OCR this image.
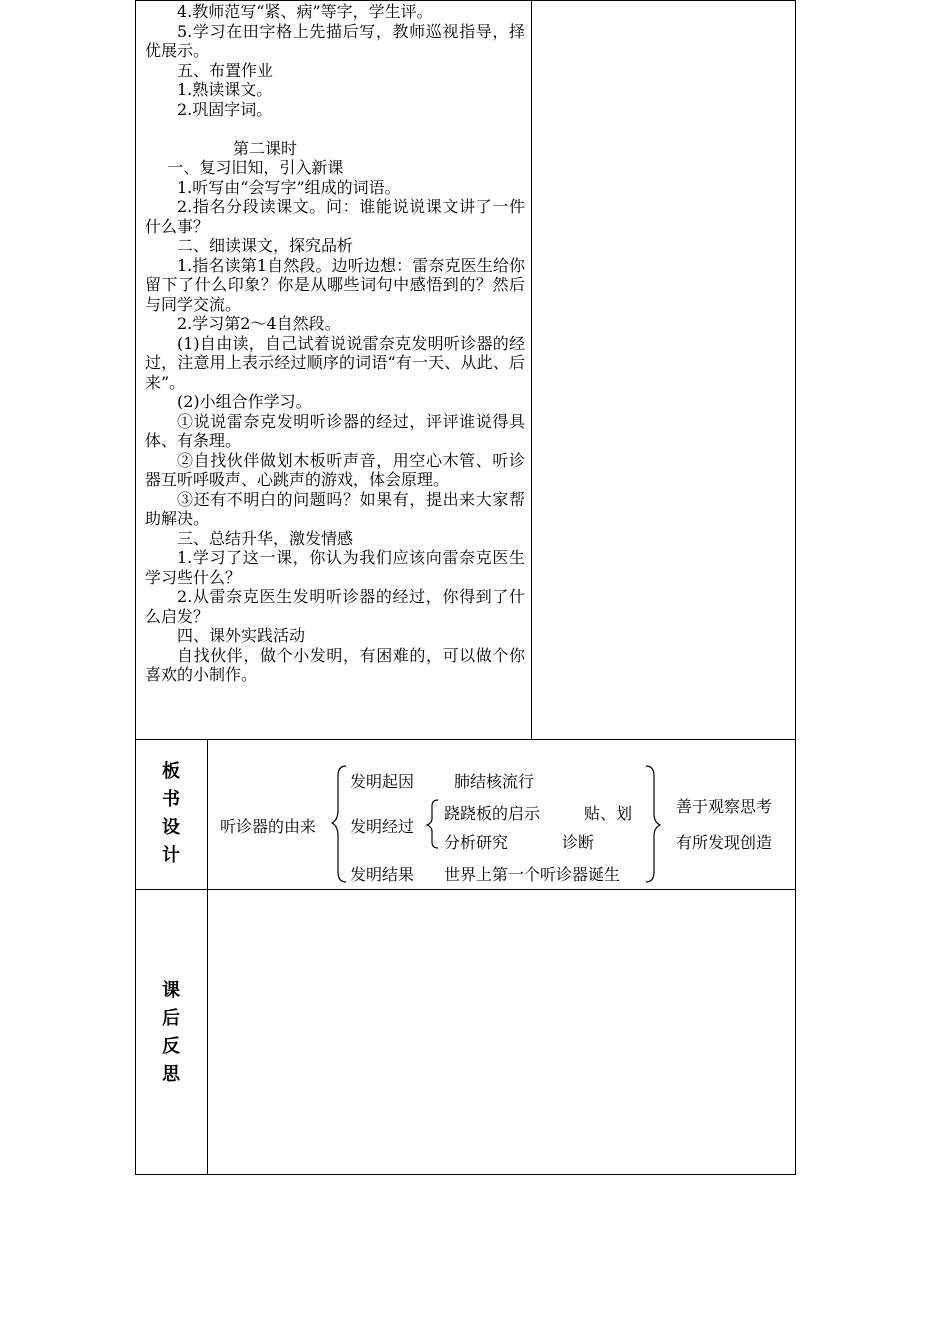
4.教师范写“紧、病”等字，学生评。

5.学习在田字格上先描后写，教师巡视指导，择优展示。

五、布置作业

1.熟读课文。

2.巩固字词。

第二课时

一、复习旧知，引入新课

1.听写由“会写字”组成的词语。

2.指名分段读课文。问：谁能说说课文讲了一件什么事？

二、细读课文，探究品析

1.指名读第1自然段。边听边想：雷奈克医生给你留下了什么印象？你是从哪些词句中感悟到的？然后与同学交流。

2.学习第2～4自然段。

(1)自由读，自己试着说说雷奈克发明听诊器的经过，注意用上表示经过顺序的词语“有一天、从此、后来”。

(2)小组合作学习。

①说说雷奈克发明听诊器的经过，评评谁说得具体、有条理。

②自找伙伴做划木板听声音，用空心木管、听诊器互听呼吸声、心跳声的游戏，体会原理。

③还有不明白的问题吗？如果有，提出来大家帮助解决。

三、总结升华，激发情感

1.学习了这一课，你认为我们应该向雷奈克医生学习些什么？

2.从雷奈克医生发明听诊器的经过，你得到了什么启发？

四、课外实践活动

自找伙伴，做个小发明，有困难的，可以做个你喜欢的小制作。

板
书
设
计
课
后
反
思
听诊器的由来
发明起因 肺结核流行
发明经过
跷跷板的启示	贴、划
分析研究	诊断
发明结果 世界上第一个听诊器诞生
善于观察思考
有所发现创造
